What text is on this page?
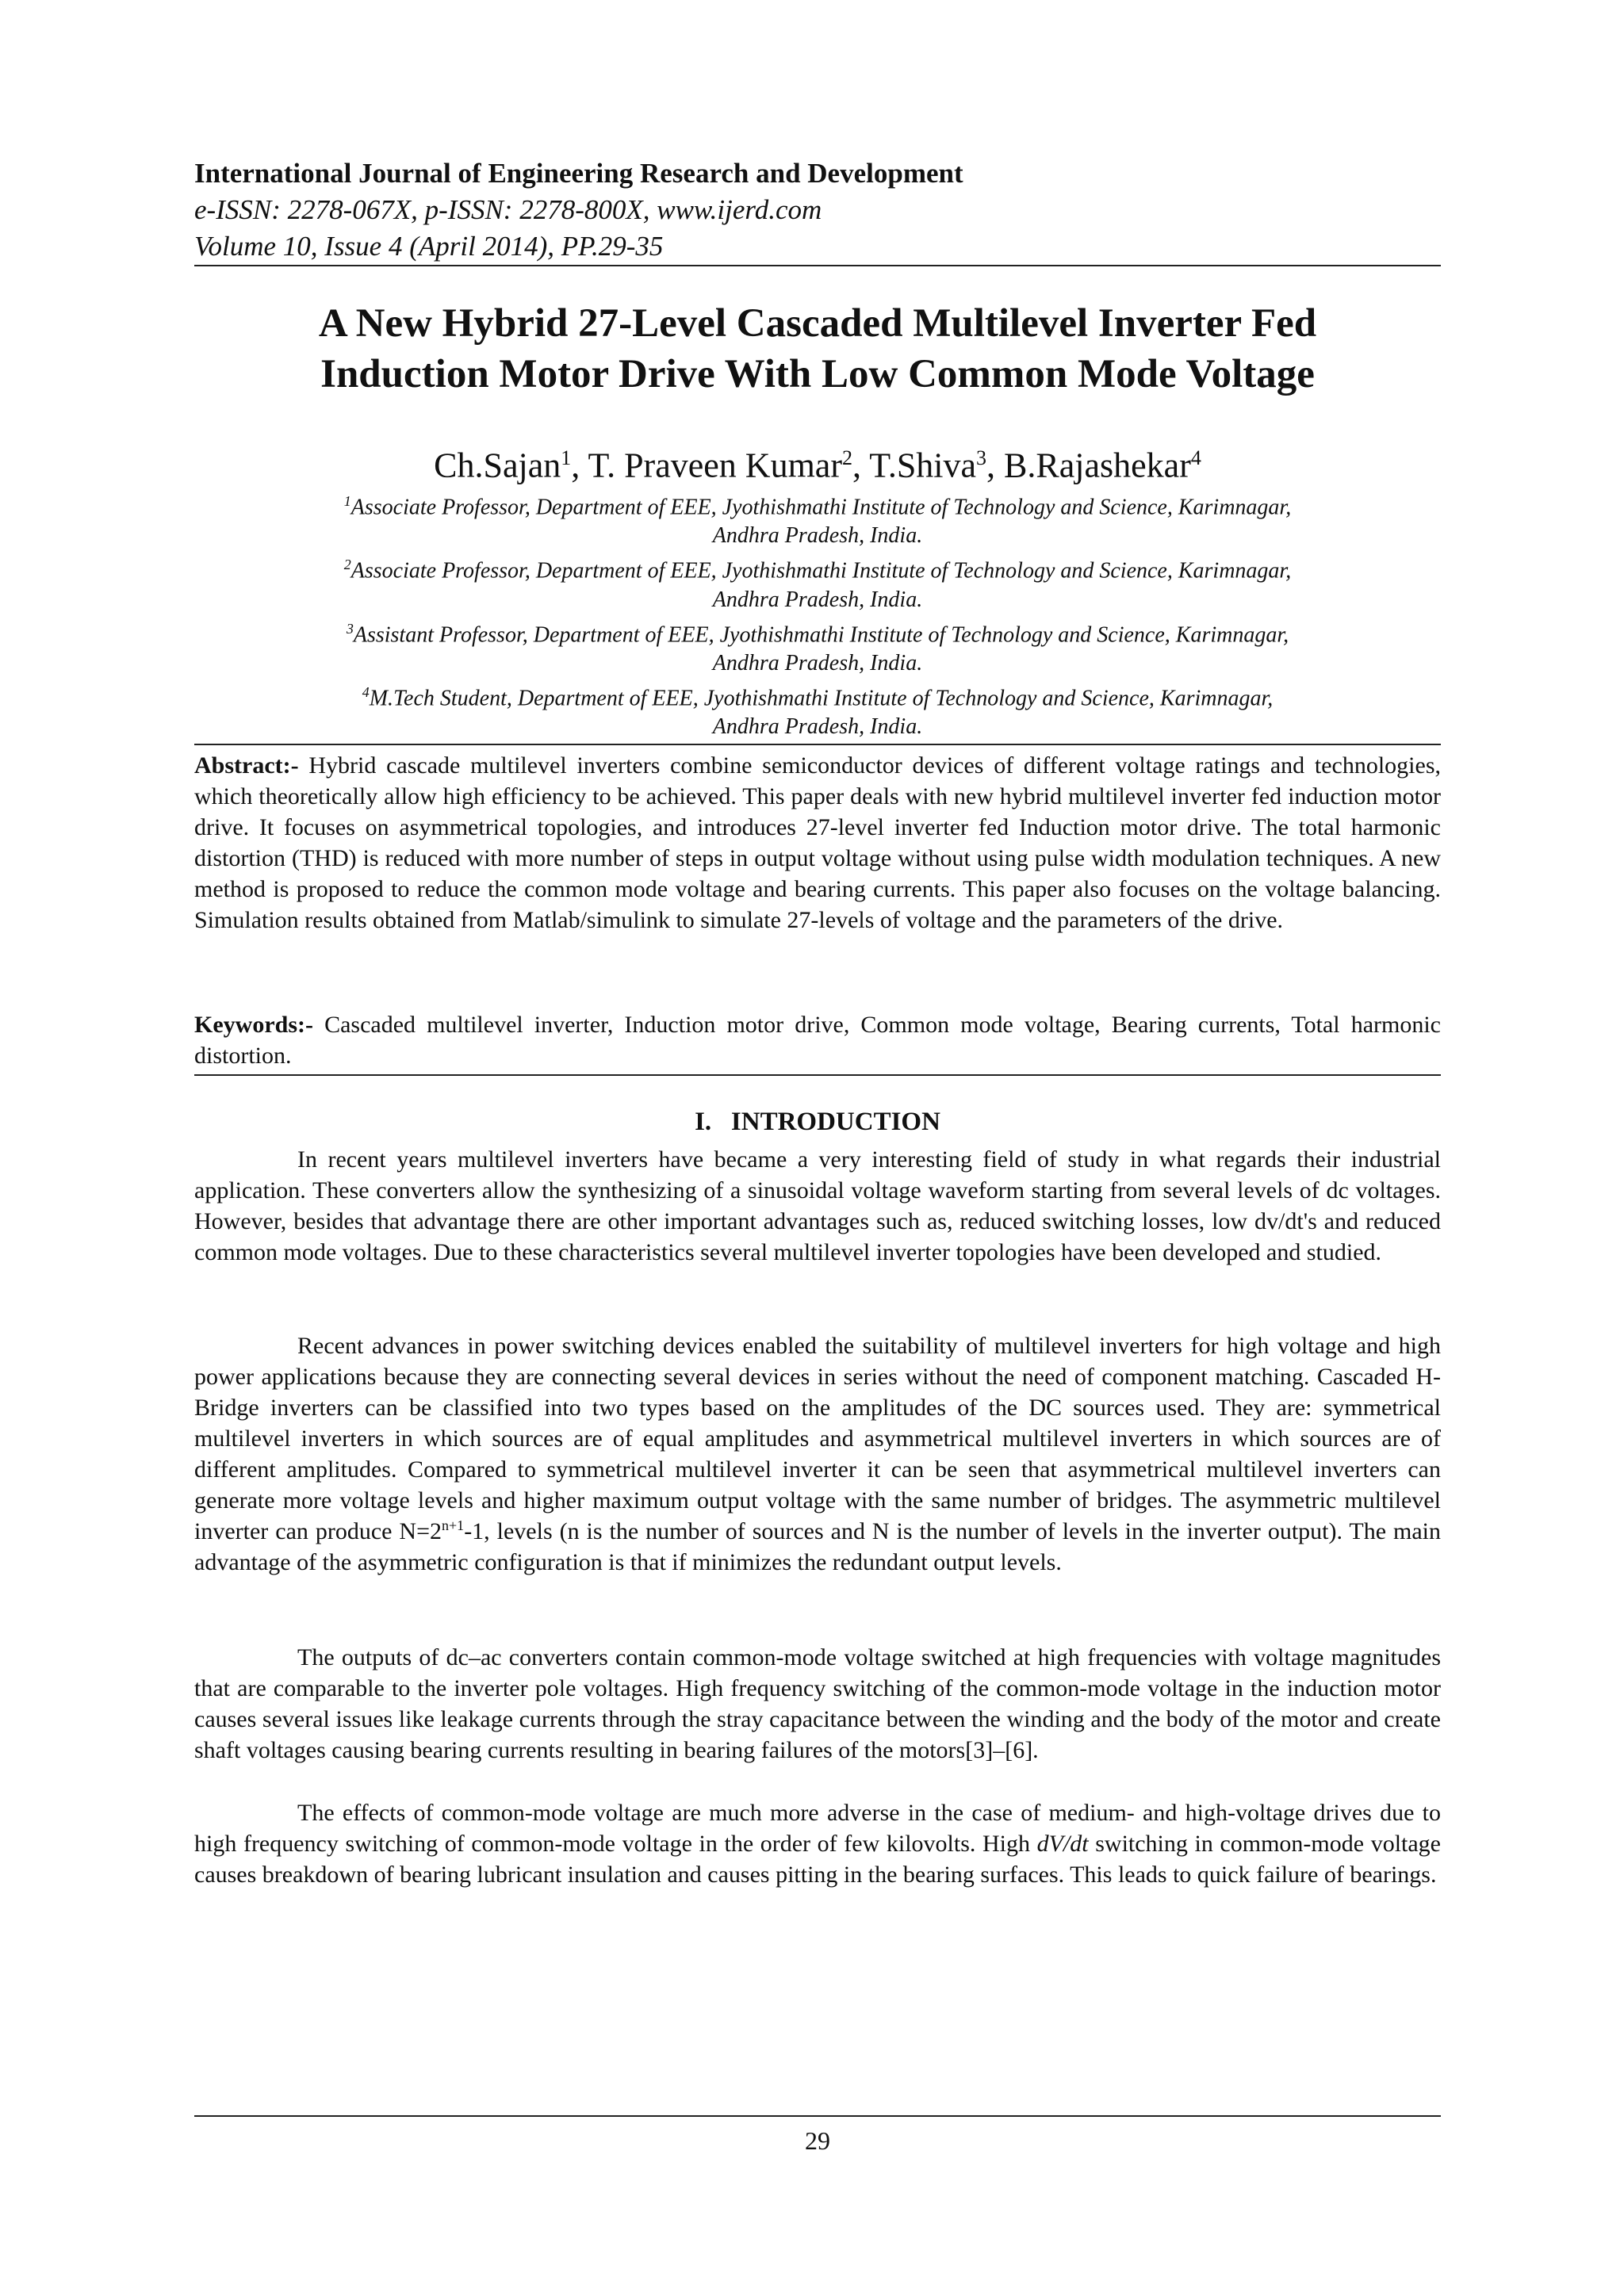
International Journal of Engineering Research and Development
e-ISSN: 2278-067X, p-ISSN: 2278-800X, www.ijerd.com
Volume 10, Issue 4 (April 2014), PP.29-35
A New Hybrid 27-Level Cascaded Multilevel Inverter Fed
Induction Motor Drive With Low Common Mode Voltage
Ch.Sajan$^1$, T. Praveen Kumar$^2$, T.Shiva$^3$, B.Rajashekar$^4$
$^1$Associate Professor, Department of EEE, Jyothishmathi Institute of Technology and Science, Karimnagar,
Andhra Pradesh, India.
$^2$Associate Professor, Department of EEE, Jyothishmathi Institute of Technology and Science, Karimnagar,
Andhra Pradesh, India.
$^3$Assistant Professor, Department of EEE, Jyothishmathi Institute of Technology and Science, Karimnagar,
Andhra Pradesh, India.
$^4$M.Tech Student, Department of EEE, Jyothishmathi Institute of Technology and Science, Karimnagar,
Andhra Pradesh, India.
Abstract:- Hybrid cascade multilevel inverters combine semiconductor devices of different voltage ratings and technologies, which theoretically allow high efficiency to be achieved. This paper deals with new hybrid multilevel inverter fed induction motor drive. It focuses on asymmetrical topologies, and introduces 27-level inverter fed Induction motor drive. The total harmonic distortion (THD) is reduced with more number of steps in output voltage without using pulse width modulation techniques. A new method is proposed to reduce the common mode voltage and bearing currents. This paper also focuses on the voltage balancing. Simulation results obtained from Matlab/simulink to simulate 27-levels of voltage and the parameters of the drive.
Keywords:- Cascaded multilevel inverter, Induction motor drive, Common mode voltage, Bearing currents, Total harmonic distortion.
I.   INTRODUCTION

In recent years multilevel inverters have became a very interesting field of study in what regards their industrial application. These converters allow the synthesizing of a sinusoidal voltage waveform starting from several levels of dc voltages. However, besides that advantage there are other important advantages such as, reduced switching losses, low dv/dt's and reduced common mode voltages. Due to these characteristics several multilevel inverter topologies have been developed and studied.

Recent advances in power switching devices enabled the suitability of multilevel inverters for high voltage and high power applications because they are connecting several devices in series without the need of component matching. Cascaded H-Bridge inverters can be classified into two types based on the amplitudes of the DC sources used. They are: symmetrical multilevel inverters in which sources are of equal amplitudes and asymmetrical multilevel inverters in which sources are of different amplitudes. Compared to symmetrical multilevel inverter it can be seen that asymmetrical multilevel inverters can generate more voltage levels and higher maximum output voltage with the same number of bridges. The asymmetric multilevel inverter can produce $N=2^{n+1}-1$, levels (n is the number of sources and N is the number of levels in the inverter output). The main advantage of the asymmetric configuration is that if minimizes the redundant output levels.

The outputs of dc–ac converters contain common-mode voltage switched at high frequencies with voltage magnitudes that are comparable to the inverter pole voltages. High frequency switching of the common-mode voltage in the induction motor causes several issues like leakage currents through the stray capacitance between the winding and the body of the motor and create shaft voltages causing bearing currents resulting in bearing failures of the motors[3]–[6].

The effects of common-mode voltage are much more adverse in the case of medium- and high-voltage drives due to high frequency switching of common-mode voltage in the order of few kilovolts. High dV/dt switching in common-mode voltage causes breakdown of bearing lubricant insulation and causes pitting in the bearing surfaces. This leads to quick failure of bearings.

29
